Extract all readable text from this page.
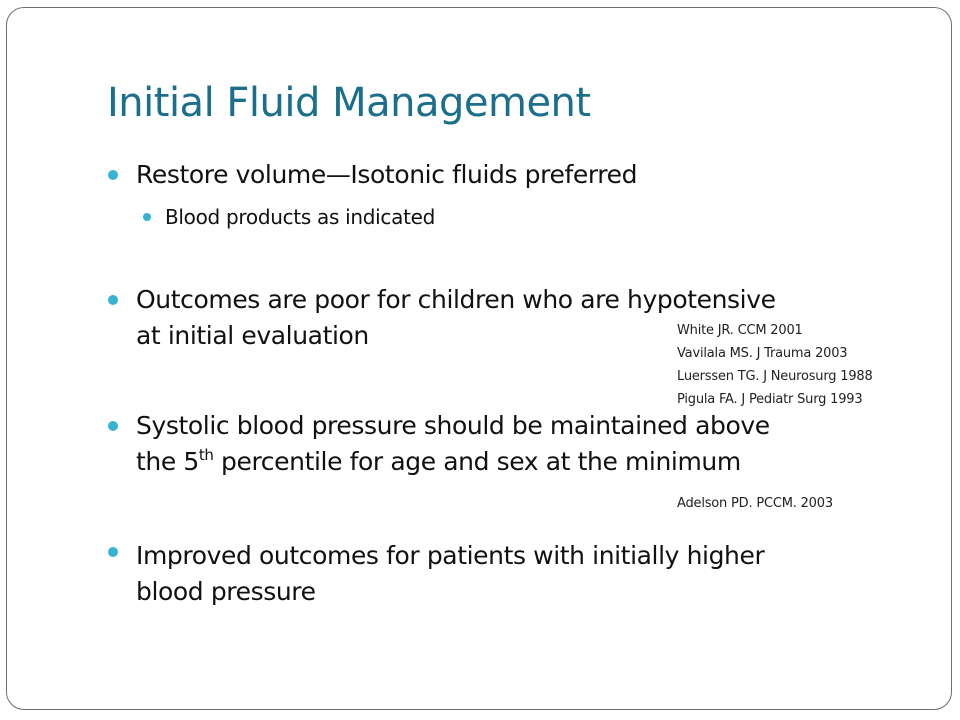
Initial Fluid Management
Restore volume—Isotonic fluids preferred
Blood products as indicated
Outcomes are poor for children who are hypotensive
at initial evaluation	White JR. CCM 2001
Vavilala MS. J Trauma 2003
Luerssen TG. J Neurosurg 1988
Pigula FA. J Pediatr Surg 1993
Systolic blood pressure should be maintained above
the 5th percentile for age and sex at the minimum
Adelson PD. PCCM. 2003
Improved outcomes for patients with initially higher
blood pressure
